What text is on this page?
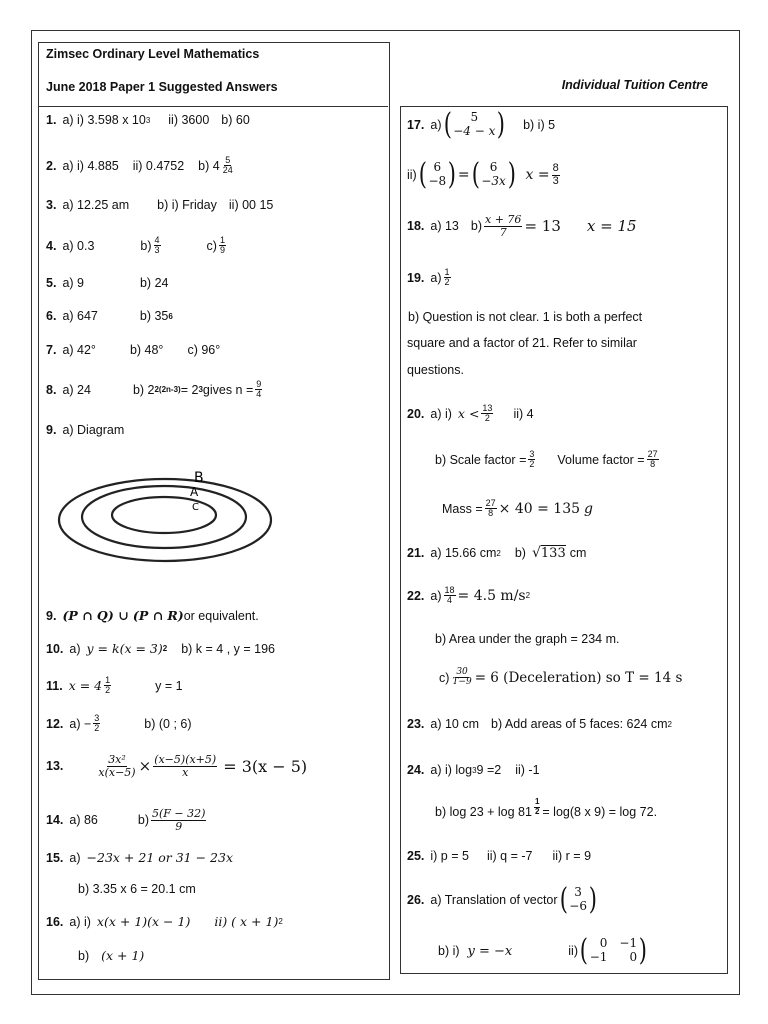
Zimsec Ordinary Level Mathematics
June 2018 Paper 1 Suggested Answers	Individual Tuition Centre
1. a) i) 3.598 x 10 3 ii) 3600 b) 60
2. a) i) 4.885 ii) 0.4752 b) $4 \frac{5}{24}$
3. a) 12.25 am b) i) Friday ii) 00 15
4. a) 0.3	$b) \frac{4}{3}$	$c) \frac{1}{9}$
5. a) 9	b) 24
6. a) 647	b) 35 6
7. a) 42°	b) 48° c) 96°
8. a) 24	b) 2 2(2n-3) = 2 3 gives $n = \frac{9}{4}$
9. a) Diagram
B
A
C
9. (P ∩ Q) ∪ (P ∩ R) or equivalent.
10. a) y = k(x = 3) 2 b) k = 4 , y = 196
11. $x = 4 \frac{1}{2}$	y = 1
12. $a) - \frac{3}{2}$	b) (0 ; 6)
13.	$\frac{\text{3x²}}{x(x-5)} \times \frac{(x-5)(x+5)}{x} = 3(x - 5)$
14. a) 86	$b) \frac{5(F - 32)}{9}$
15. a) −23x + 21 or 31 − 23x
b) 3.35 x 6 = 20.1 cm
16. a) i) x(x + 1)(x − 1) ii) ( x + 1) 2
b) (x + 1)
17. a) ( 5
−4 − x ) b) i) 5
ii) ( 6
−8 ) = ( 6
−3x ) $x = \frac{8}{3}$
18. a) 13 $b) \frac{x + 76}{7} = 13$ x = 15
19. $a) \frac{1}{2}$
b) Question is not clear. 1 is both a perfect
square and a factor of 21. Refer to similar
questions.
20. a) i) $x < \frac{13}{2} ii$) 4
b) Scale factor = $\frac{3}{2}$ Volume factor = $\frac{27}{8}$
Mass = $\frac{27}{8} \times 40 = 135$ g
21. a) 15.66 cm 2 b) √ 133 cm
22. $a) \frac{18}{4} = 4.5$ m/s 2
b) Area under the graph = 234 m.
$c) \frac{30}{T-9} = 6$ (Deceleration) so T = 14 s
23. a) 10 cm b) Add areas of 5 faces: 624 cm 2
24. a) i) log 3 9 =2 ii) -1
b) $\log 23 + \log 81 \frac{1}{2} = \log(8$ x 9) = log 72.
25. i) p = 5 ii) q = -7 ii) r = 9
26. a) Translation of vector ( 3
−6 )
b) i) y = −x	ii) ( 0 −1
−1	0 )
